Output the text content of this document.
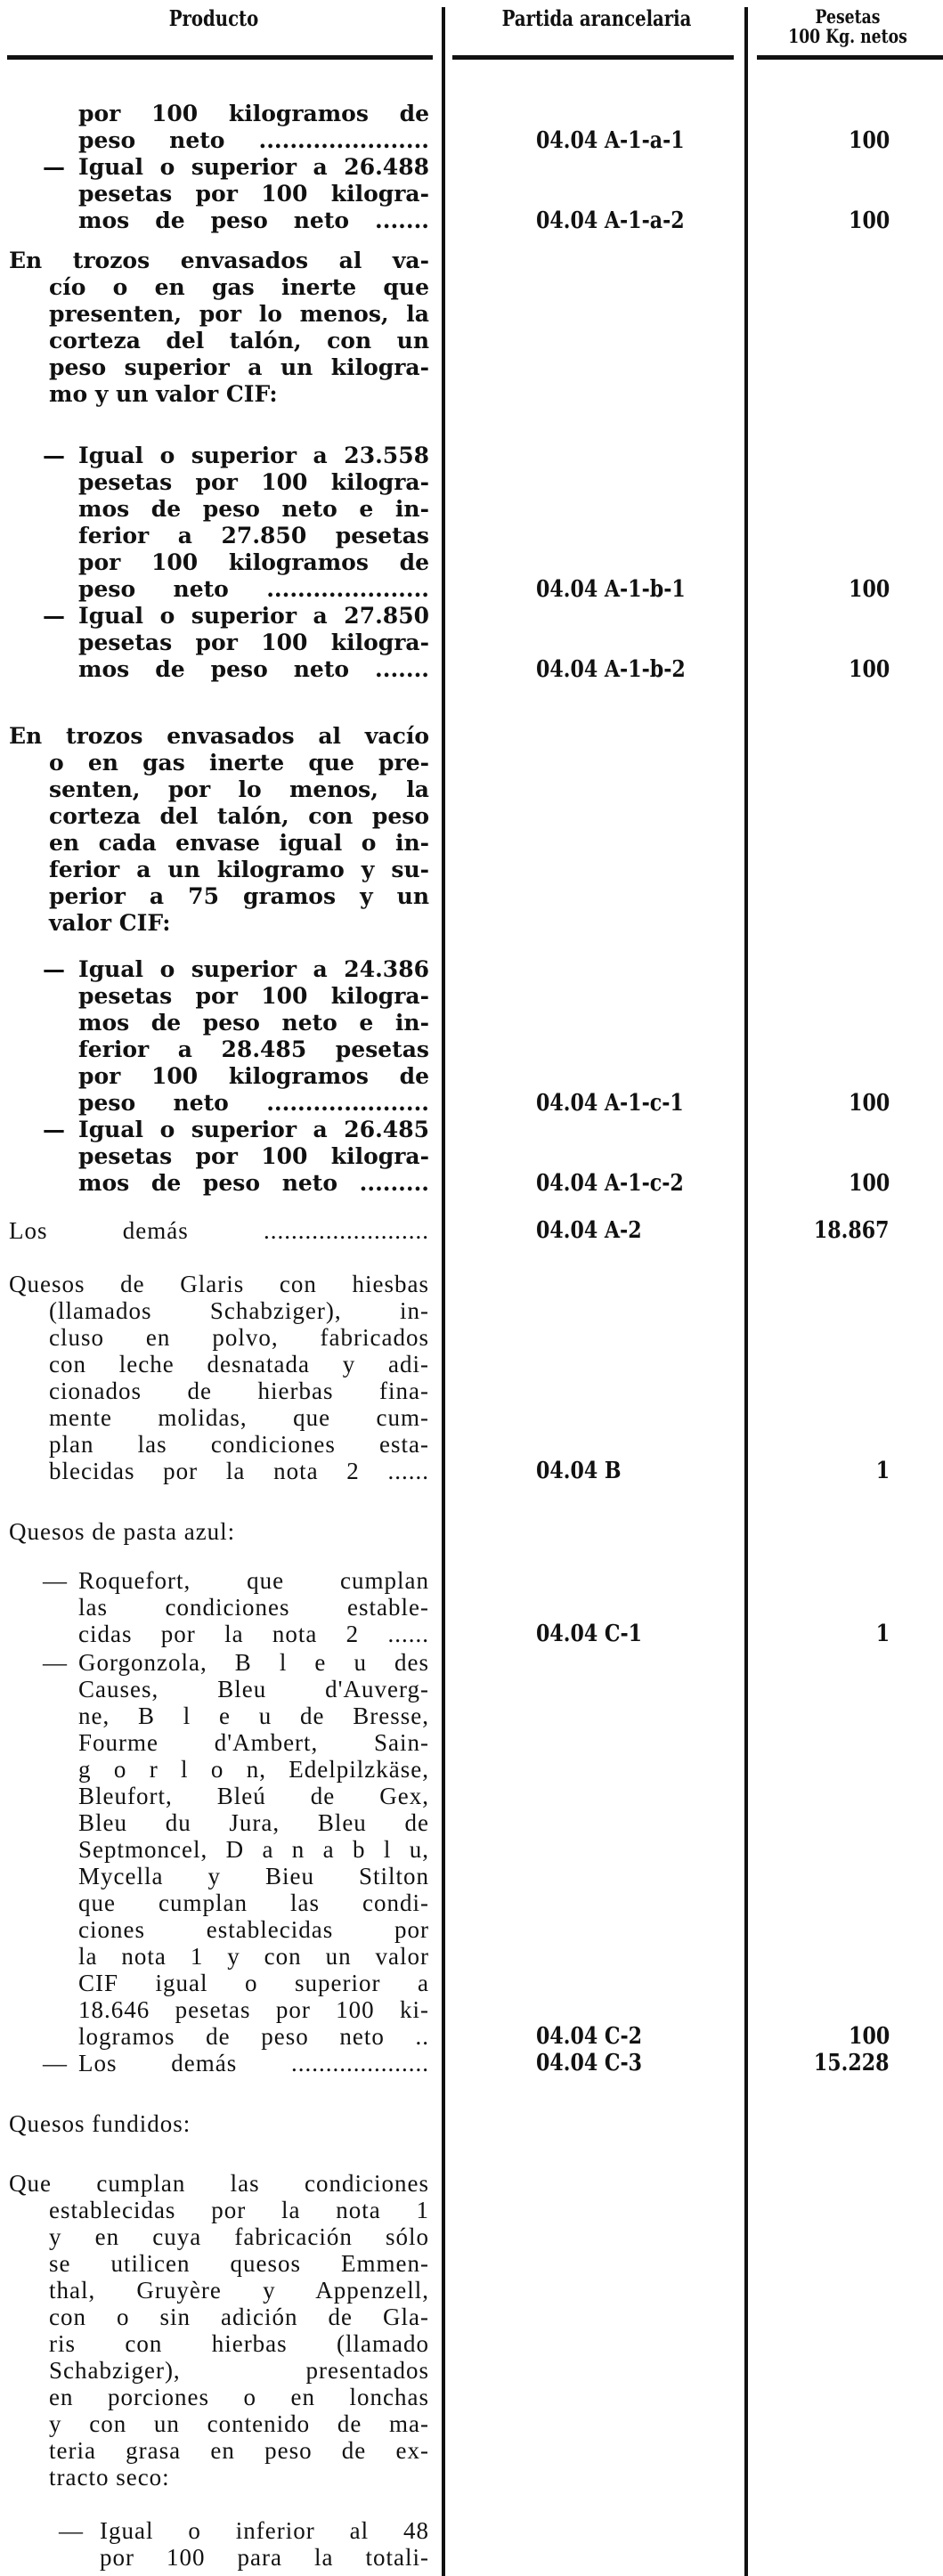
Producto	Partida arancelaria	Pesetas
100 Kg. netos
por 100 kilogramos de
peso neto ......................	04.04 A-1-a-1	100
— Igual o superior a 26.488
pesetas por 100 kilogra-
mos de peso neto .......	04.04 A-1-a-2	100
En trozos envasados al va-
cío o en gas inerte que
presenten, por lo menos, la
corteza del talón, con un
peso superior a un kilogra-
mo y un valor CIF:
— Igual o superior a 23.558
pesetas por 100 kilogra-
mos de peso neto e in-
ferior a 27.850 pesetas
por 100 kilogramos de
peso neto .....................	04.04 A-1-b-1	100
— Igual o superior a 27.850
pesetas por 100 kilogra-
mos de peso neto .......	04.04 A-1-b-2	100
En trozos envasados al vacío
o en gas inerte que pre-
senten, por lo menos, la
corteza del talón, con peso
en cada envase igual o in-
ferior a un kilogramo y su-
perior a 75 gramos y un
valor CIF:
— Igual o superior a 24.386
pesetas por 100 kilogra-
mos de peso neto e in-
ferior a 28.485 pesetas
por 100 kilogramos de
peso neto .....................	04.04 A-1-c-1	100
— Igual o superior a 26.485
pesetas por 100 kilogra-
mos de peso neto .........	04.04 A-1-c-2	100
Los demás ........................	04.04 A-2	18.867
Quesos de Glaris con hiesbas
(llamados Schabziger), in-
cluso en polvo, fabricados
con leche desnatada y adi-
cionados de hierbas fina-
mente molidas, que cum-
plan las condiciones esta-
blecidas por la nota 2 ......	04.04 B	1
Quesos de pasta azul:
— Roquefort, que cumplan
las condiciones estable-
cidas por la nota 2 ......	04.04 C-1	1
— Gorgonzola, B l e u des
Causes, Bleu d'Auverg-
ne, B l e u de Bresse,
Fourme d'Ambert, Sain-
g o r l o n, Edelpilzkäse,
Bleufort, Bleú de Gex,
Bleu du Jura, Bleu de
Septmoncel, D a n a b l u,
Mycella y Bieu Stilton
que cumplan las condi-
ciones establecidas por
la nota 1 y con un valor
CIF igual o superior a
18.646 pesetas por 100 ki-
logramos de peso neto ..	04.04 C-2	100
— Los demás ....................	04.04 C-3	15.228
Quesos fundidos:
Que cumplan las condiciones
establecidas por la nota 1
y en cuya fabricación sólo
se utilicen quesos Emmen-
thal, Gruyère y Appenzell,
con o sin adición de Gla-
ris con hierbas (llamado
Schabziger), presentados
en porciones o en lonchas
y con un contenido de ma-
teria grasa en peso de ex-
tracto seco:
— Igual o inferior al 48
por 100 para la totali-
